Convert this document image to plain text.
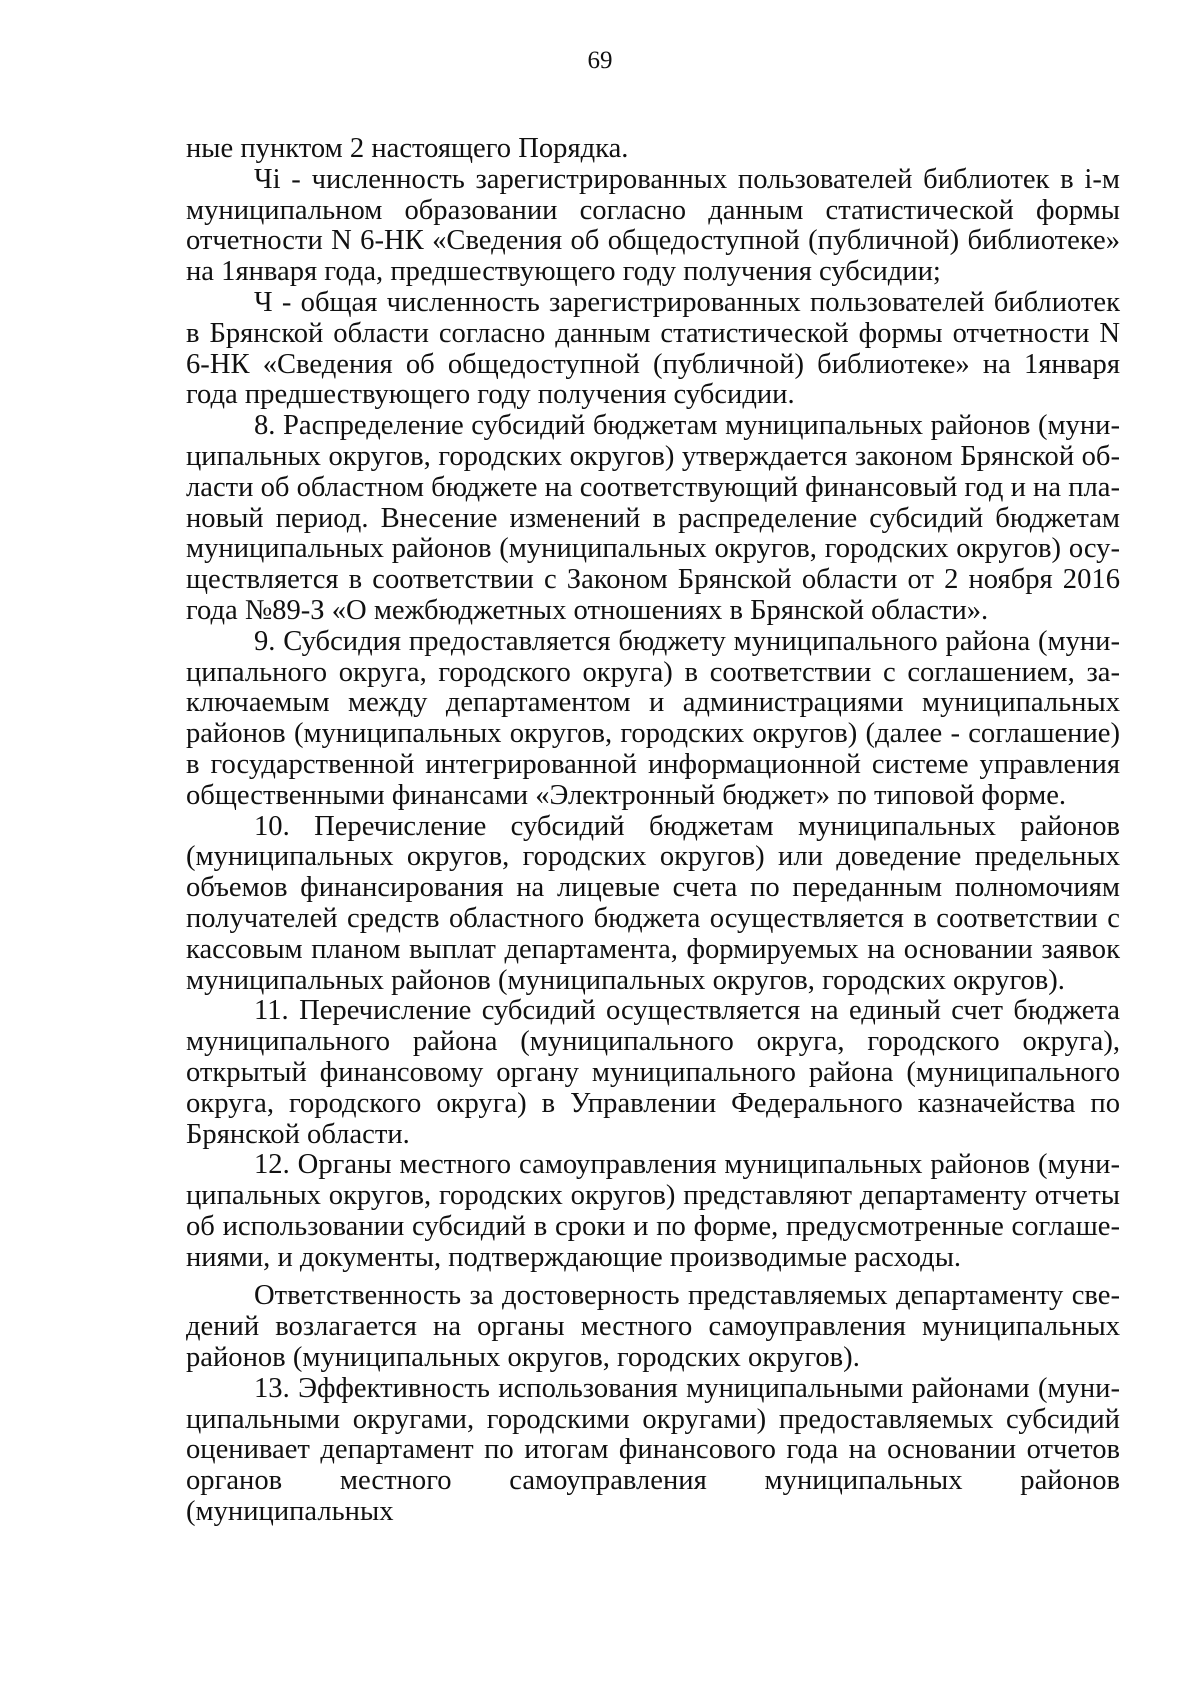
69

ные пунктом 2 настоящего Порядка.

Чi - численность зарегистрированных пользователей библиотек в i-м муниципальном образовании согласно данным статистической формы отчетности N 6-НК «Сведения об общедоступной (публичной) библиотеке» на 1января года, предшествующего году получения субсидии;

Ч - общая численность зарегистрированных пользователей библиотек в Брянской области согласно данным статистической формы отчетности N 6-НК «Сведения об общедоступной (публичной) библиотеке» на 1января года предшествующего году получения субсидии.

8. Распределение субсидий бюджетам муниципальных районов (муниципальных округов, городских округов) утверждается законом Брянской области об областном бюджете на соответствующий финансовый год и на плановый период. Внесение изменений в распределение субсидий бюджетам муниципальных районов (муниципальных округов, городских округов) осуществляется в соответствии с Законом Брянской области от 2 ноября 2016 года №89-З «О межбюджетных отношениях в Брянской области».

9. Субсидия предоставляется бюджету муниципального района (муниципального округа, городского округа) в соответствии с соглашением, заключаемым между департаментом и администрациями муниципальных районов (муниципальных округов, городских округов) (далее - соглашение) в государственной интегрированной информационной системе управления общественными финансами «Электронный бюджет» по типовой форме.

10. Перечисление субсидий бюджетам муниципальных районов (муниципальных округов, городских округов) или доведение предельных объемов финансирования на лицевые счета по переданным полномочиям получателей средств областного бюджета осуществляется в соответствии с кассовым планом выплат департамента, формируемых на основании заявок муниципальных районов (муниципальных округов, городских округов).

11. Перечисление субсидий осуществляется на единый счет бюджета муниципального района (муниципального округа, городского округа), открытый финансовому органу муниципального района (муниципального округа, городского округа) в Управлении Федерального казначейства по Брянской области.

12. Органы местного самоуправления муниципальных районов (муниципальных округов, городских округов) представляют департаменту отчеты об использовании субсидий в сроки и по форме, предусмотренные соглашениями, и документы, подтверждающие производимые расходы.

Ответственность за достоверность представляемых департаменту сведений возлагается на органы местного самоуправления муниципальных районов (муниципальных округов, городских округов).

13. Эффективность использования муниципальными районами (муниципальными округами, городскими округами) предоставляемых субсидий оценивает департамент по итогам финансового года на основании отчетов органов местного самоуправления муниципальных районов (муниципальных
